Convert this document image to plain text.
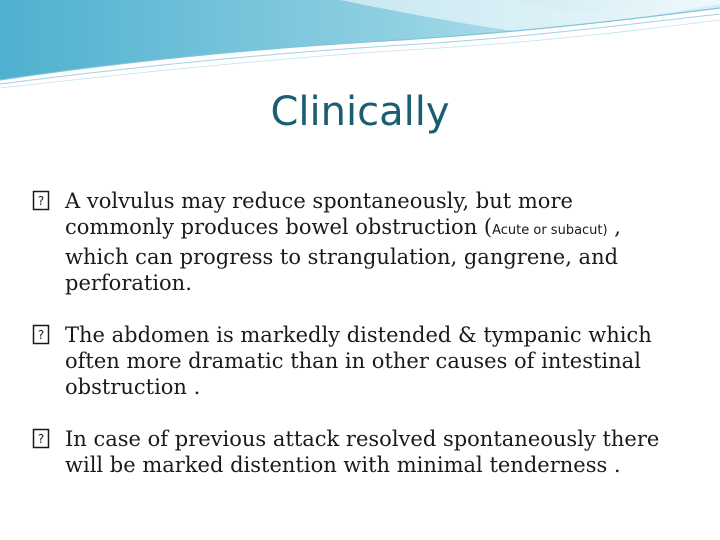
Clinically
? A volvulus may reduce spontaneously, but more commonly produces bowel obstruction (Acute or subacut) , which can progress to strangulation, gangrene, and perforation.
? The abdomen is markedly distended & tympanic which often more dramatic than in other causes of intestinal obstruction .
? In case of previous attack resolved spontaneously there will be marked distention with minimal tenderness .
